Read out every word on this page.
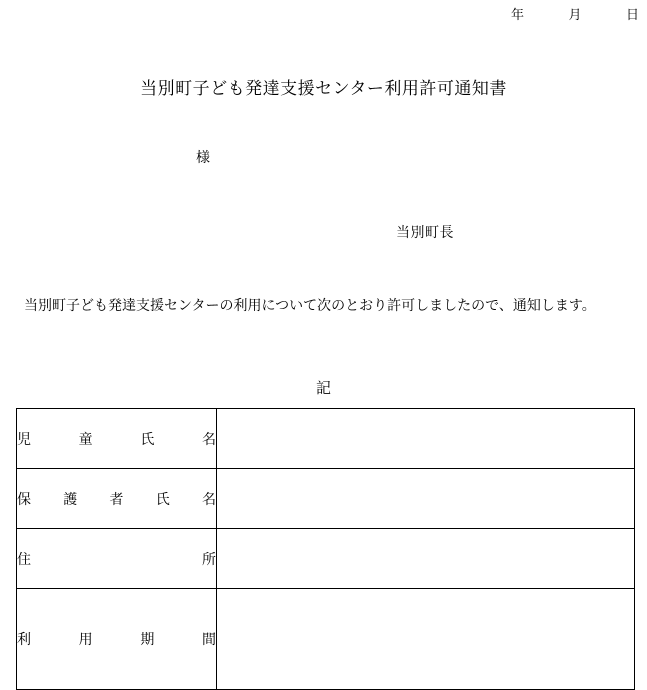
年	月	日
当別町子ども発達支援センター利用許可通知書
様
当別町長
当別町子ども発達支援センターの利用について次のとおり許可しましたので、通知します。
記
児 童 氏 名	

保 護 者 氏 名	

住 所	

利 用 期 間	
